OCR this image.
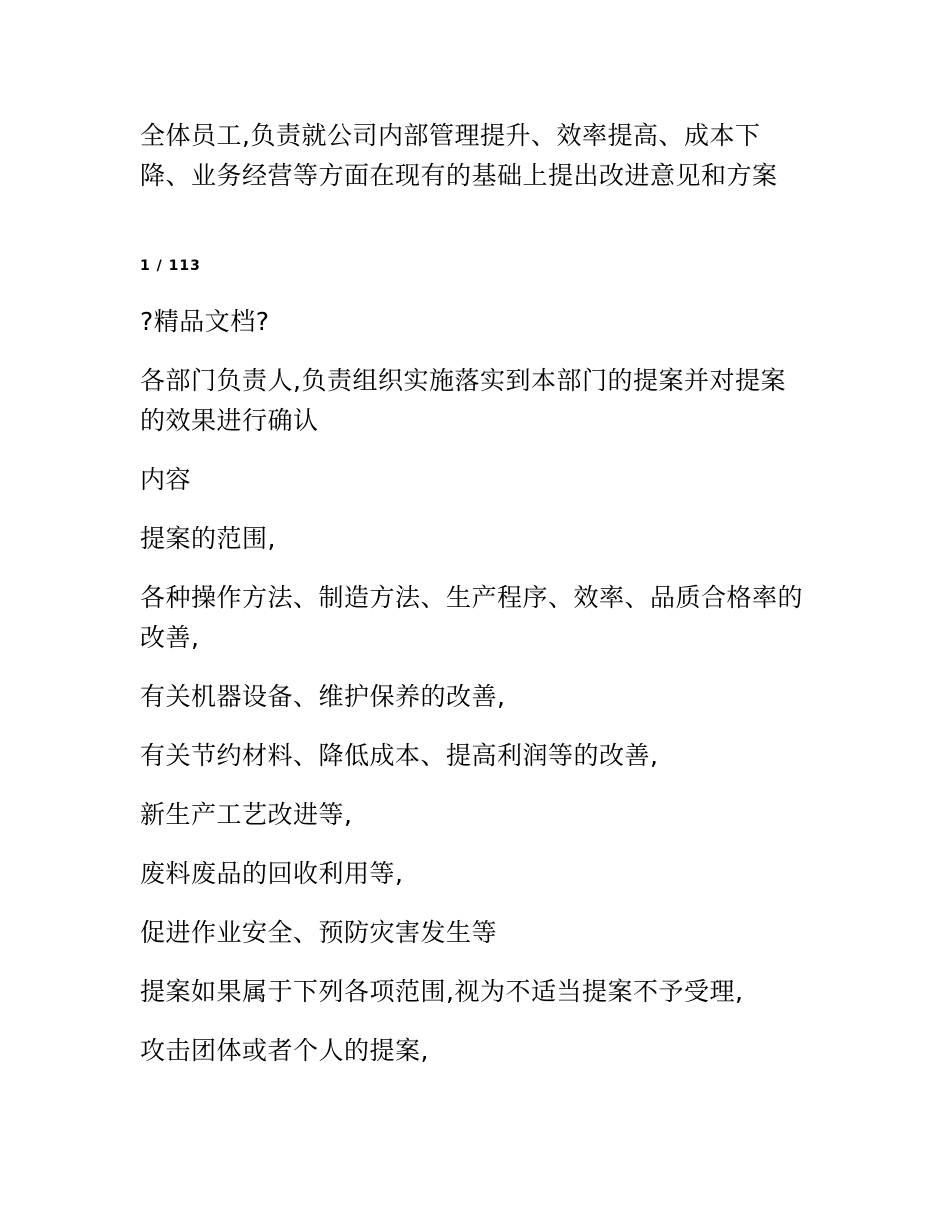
全体员工,负责就公司内部管理提升、效率提高、成本下降、业务经营等方面在现有的基础上提出改进意见和方案

1 / 113

?精品文档?

各部门负责人,负责组织实施落实到本部门的提案并对提案的效果进行确认

内容

提案的范围,

各种操作方法、制造方法、生产程序、效率、品质合格率的改善,

有关机器设备、维护保养的改善,

有关节约材料、降低成本、提高利润等的改善,

新生产工艺改进等,

废料废品的回收利用等,

促进作业安全、预防灾害发生等

提案如果属于下列各项范围,视为不适当提案不予受理,

攻击团体或者个人的提案,
